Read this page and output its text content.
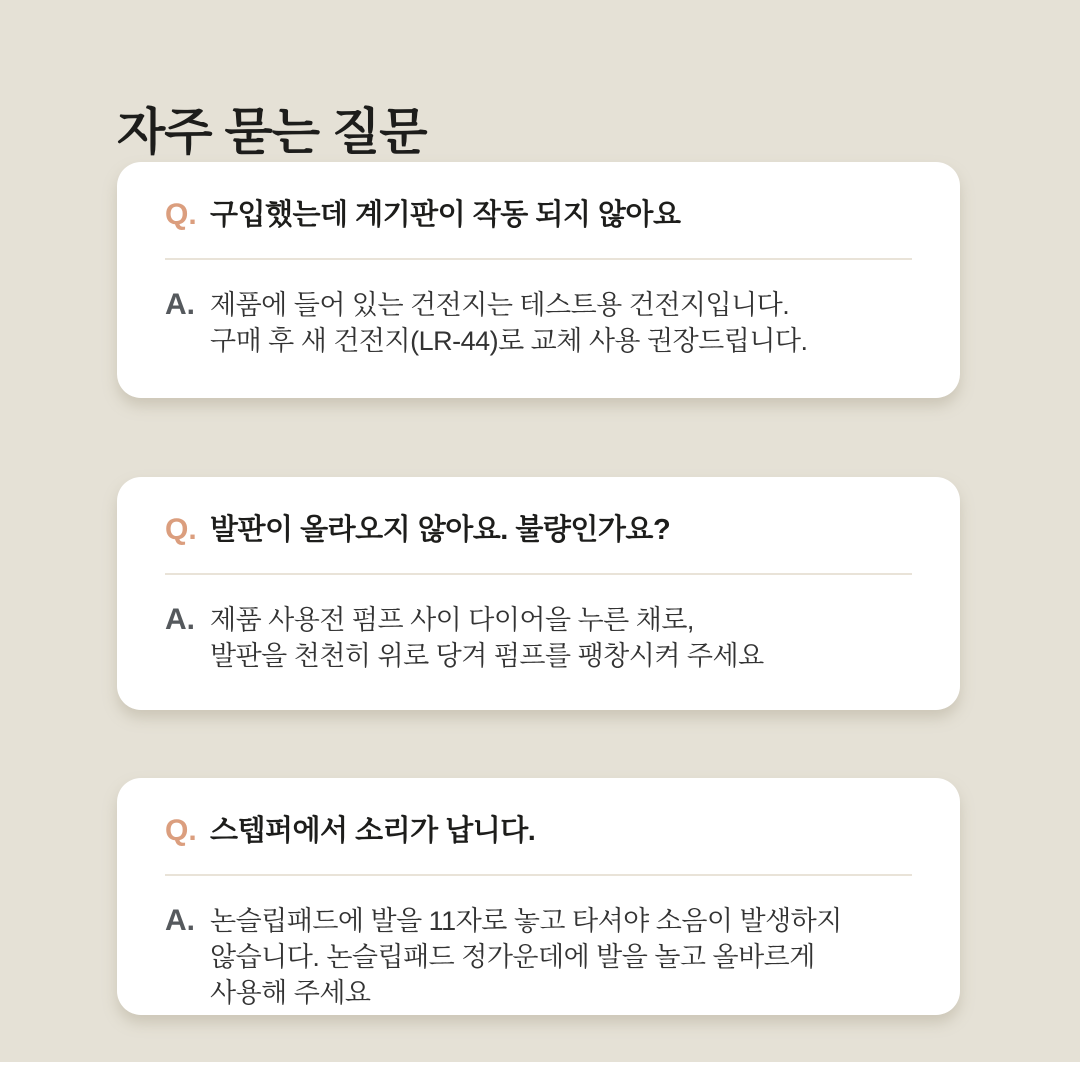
자주 묻는 질문
Q. 구입했는데 계기판이 작동 되지 않아요
A. 제품에 들어 있는 건전지는 테스트용 건전지입니다.
구매 후 새 건전지(LR-44)로 교체 사용 권장드립니다.
Q. 발판이 올라오지 않아요. 불량인가요?
A. 제품 사용전 펌프 사이 다이어을 누른 채로,
발판을 천천히 위로 당겨 펌프를 팽창시켜 주세요
Q. 스텝퍼에서 소리가 납니다.
A. 논슬립패드에 발을 11자로 놓고 타셔야 소음이 발생하지
않습니다. 논슬립패드 정가운데에 발을 놀고 올바르게
사용해 주세요
